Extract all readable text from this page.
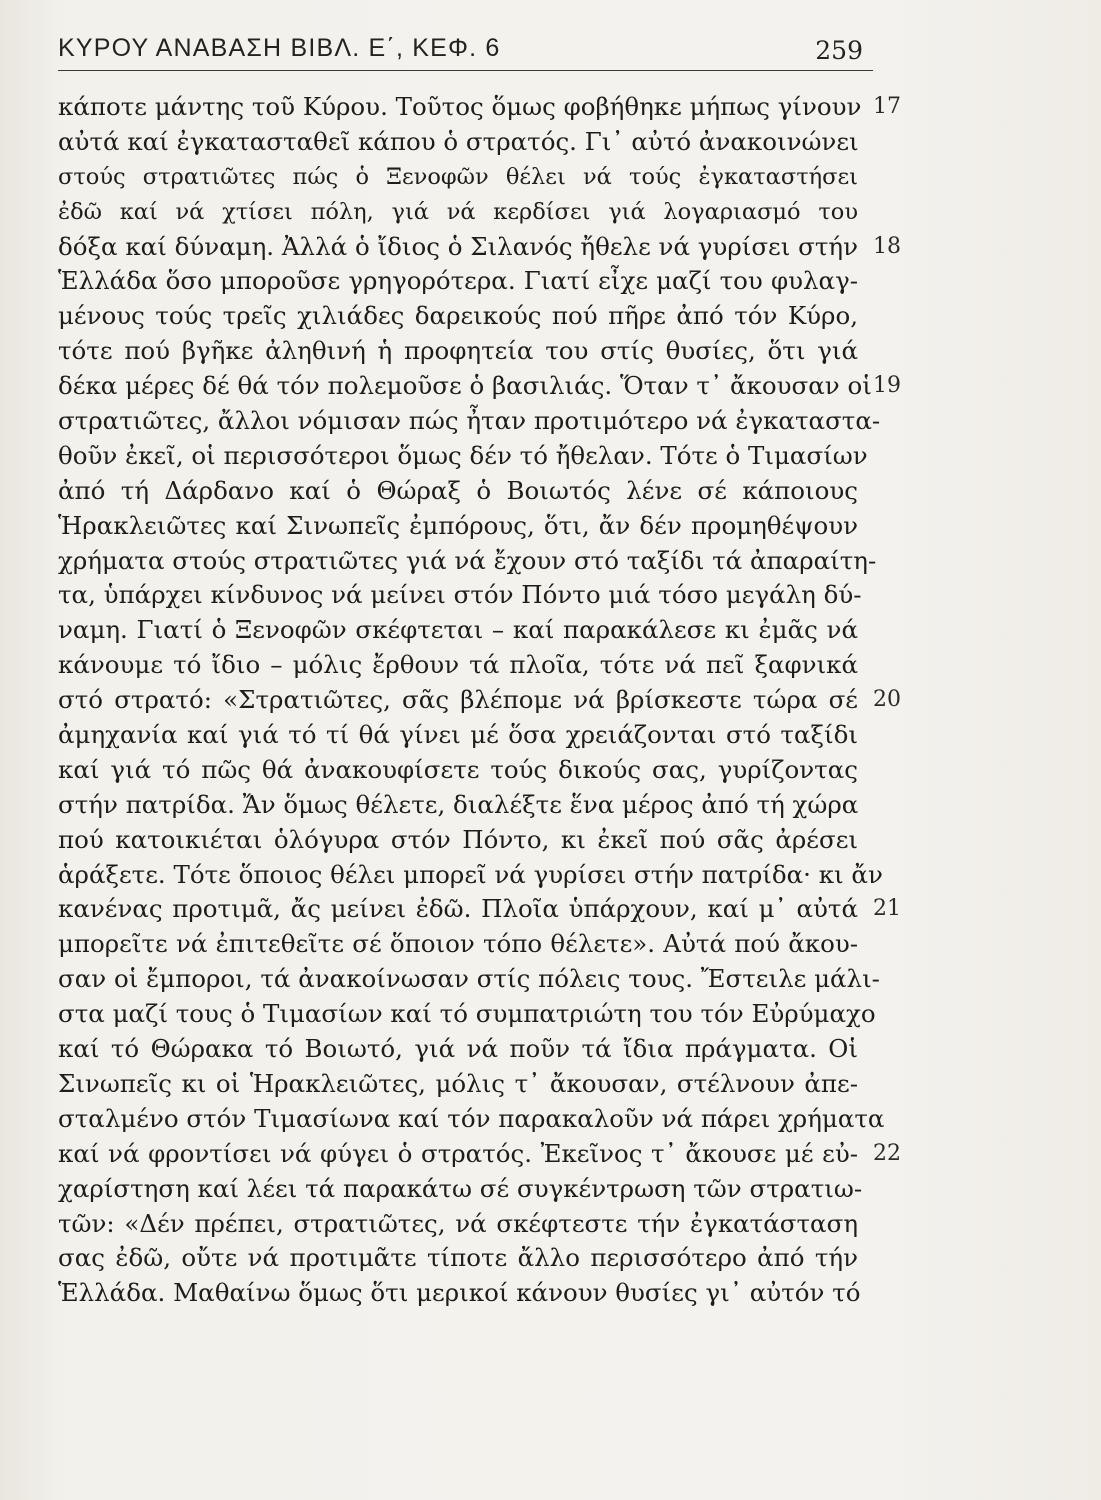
ΚΥΡΟΥ ΑΝΑΒΑΣΗ ΒΙΒΛ. Ε΄, ΚΕΦ. 6	259
κάποτε μάντης τοῦ Κύρου. Τοῦτος ὅμως φοβήθηκε μήπως γίνουν 17
αὐτά καί ἐγκατασταθεῖ κάπου ὁ στρατός. Γι᾽ αὐτό ἀνακοινώνει
στούς στρατιῶτες πώς ὁ Ξενοφῶν θέλει νά τούς ἐγκαταστήσει
ἐδῶ καί νά χτίσει πόλη, γιά νά κερδίσει γιά λογαριασμό του
δόξα καί δύναμη. Ἀλλά ὁ ἴδιος ὁ Σιλανός ἤθελε νά γυρίσει στήν 18
Ἑλλάδα ὅσο μποροῦσε γρηγορότερα. Γιατί εἶχε μαζί του φυλαγ-
μένους τούς τρεῖς χιλιάδες δαρεικούς πού πῆρε ἀπό τόν Κύρο,
τότε πού βγῆκε ἀληθινή ἡ προφητεία του στίς θυσίες, ὅτι γιά
δέκα μέρες δέ θά τόν πολεμοῦσε ὁ βασιλιάς. Ὅταν τ᾽ ἄκουσαν οἱ 19
στρατιῶτες, ἄλλοι νόμισαν πώς ἦταν προτιμότερο νά ἐγκαταστα-
θοῦν ἐκεῖ, οἱ περισσότεροι ὅμως δέν τό ἤθελαν. Τότε ὁ Τιμασίων
ἀπό τή Δάρδανο καί ὁ Θώραξ ὁ Βοιωτός λένε σέ κάποιους
Ἡρακλειῶτες καί Σινωπεῖς ἐμπόρους, ὅτι, ἄν δέν προμηθέψουν
χρήματα στούς στρατιῶτες γιά νά ἔχουν στό ταξίδι τά ἀπαραίτη-
τα, ὑπάρχει κίνδυνος νά μείνει στόν Πόντο μιά τόσο μεγάλη δύ-
ναμη. Γιατί ὁ Ξενοφῶν σκέφτεται – καί παρακάλεσε κι ἐμᾶς νά
κάνουμε τό ἴδιο – μόλις ἔρθουν τά πλοῖα, τότε νά πεῖ ξαφνικά
στό στρατό: «Στρατιῶτες, σᾶς βλέπομε νά βρίσκεστε τώρα σέ 20
ἀμηχανία καί γιά τό τί θά γίνει μέ ὅσα χρειάζονται στό ταξίδι
καί γιά τό πῶς θά ἀνακουφίσετε τούς δικούς σας, γυρίζοντας
στήν πατρίδα. Ἄν ὅμως θέλετε, διαλέξτε ἕνα μέρος ἀπό τή χώρα
πού κατοικιέται ὁλόγυρα στόν Πόντο, κι ἐκεῖ πού σᾶς ἀρέσει
ἁράξετε. Τότε ὅποιος θέλει μπορεῖ νά γυρίσει στήν πατρίδα· κι ἄν
κανένας προτιμᾶ, ἄς μείνει ἐδῶ. Πλοῖα ὑπάρχουν, καί μ᾽ αὐτά 21
μπορεῖτε νά ἐπιτεθεῖτε σέ ὅποιον τόπο θέλετε». Αὐτά πού ἄκου-
σαν οἱ ἔμποροι, τά ἀνακοίνωσαν στίς πόλεις τους. Ἔστειλε μάλι-
στα μαζί τους ὁ Τιμασίων καί τό συμπατριώτη του τόν Εὐρύμαχο
καί τό Θώρακα τό Βοιωτό, γιά νά ποῦν τά ἴδια πράγματα. Οἱ
Σινωπεῖς κι οἱ Ἡρακλειῶτες, μόλις τ᾽ ἄκουσαν, στέλνουν ἀπε-
σταλμένο στόν Τιμασίωνα καί τόν παρακαλοῦν νά πάρει χρήματα
καί νά φροντίσει νά φύγει ὁ στρατός. Ἐκεῖνος τ᾽ ἄκουσε μέ εὐ- 22
χαρίστηση καί λέει τά παρακάτω σέ συγκέντρωση τῶν στρατιω-
τῶν: «Δέν πρέπει, στρατιῶτες, νά σκέφτεστε τήν ἐγκατάσταση
σας ἐδῶ, οὔτε νά προτιμᾶτε τίποτε ἄλλο περισσότερο ἀπό τήν
Ἑλλάδα. Μαθαίνω ὅμως ὅτι μερικοί κάνουν θυσίες γι᾽ αὐτόν τό
